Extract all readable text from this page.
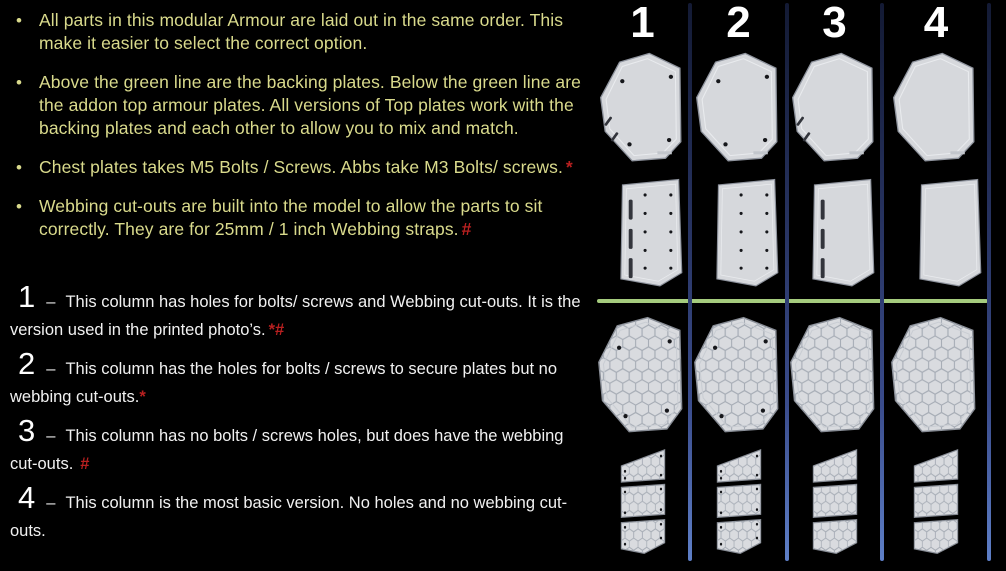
• All parts in this modular Armour are laid out in the same order. This make it easier to select the correct option.
• Above the green line are the backing plates. Below the green line are the addon top armour plates. All versions of Top plates work with the backing plates and each other to allow you to mix and match.
• Chest plates takes M5 Bolts / Screws. Abbs take M3 Bolts/ screws. *
• Webbing cut-outs are built into the model to allow the parts to sit correctly. They are for 25mm / 1 inch Webbing straps. #

1 – This column has holes for bolts/ screws and Webbing cut-outs. It is the version used in the printed photo’s. *#

2 – This column has the holes for bolts / screws to secure plates but no webbing cut-outs.*

3 – This column has no bolts / screws holes, but does have the webbing cut-outs. #

4 – This column is the most basic version. No holes and no webbing cut-outs.

1	2	3	4
